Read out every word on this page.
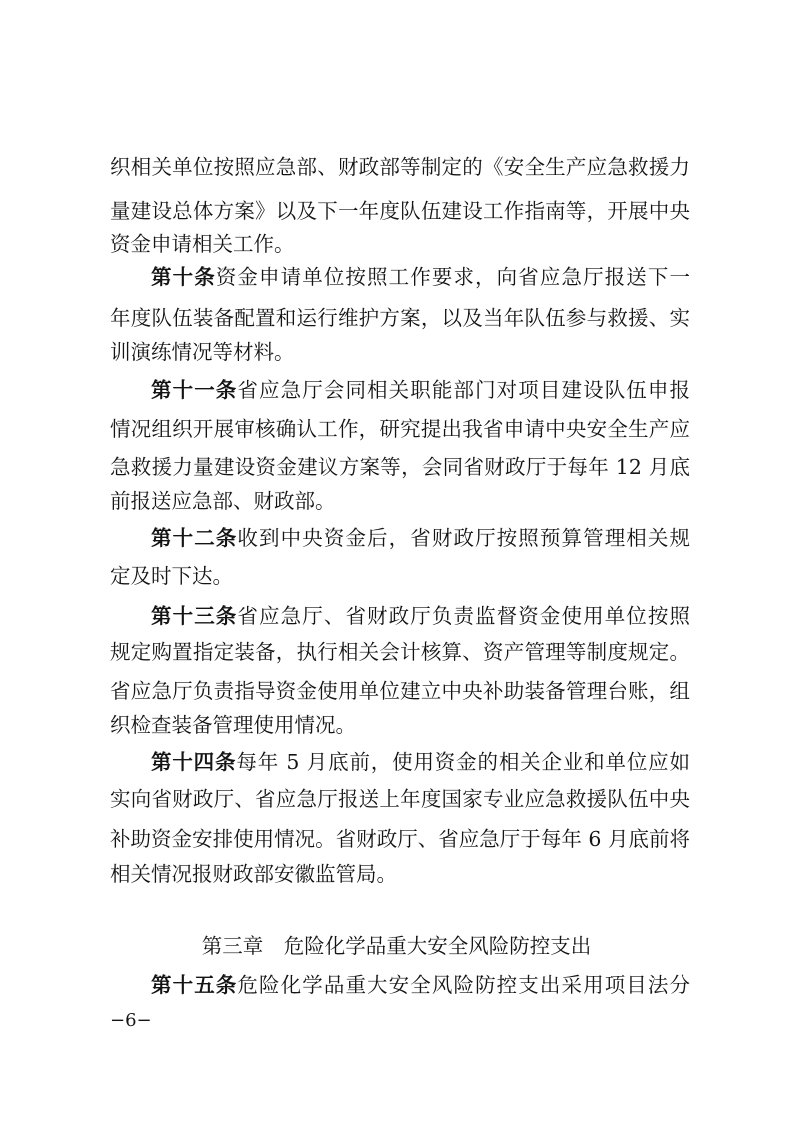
织相关单位按照应急部、财政部等制定的《安全生产应急救援力
量建设总体方案》以及下一年度队伍建设工作指南等，开展中央
资金申请相关工作。
第十条资金申请单位按照工作要求，向省应急厅报送下一
年度队伍装备配置和运行维护方案，以及当年队伍参与救援、实
训演练情况等材料。
第十一条省应急厅会同相关职能部门对项目建设队伍申报
情况组织开展审核确认工作，研究提出我省申请中央安全生产应
急救援力量建设资金建议方案等，会同省财政厅于每年 12 月底
前报送应急部、财政部。
第十二条收到中央资金后，省财政厅按照预算管理相关规
定及时下达。
第十三条省应急厅、省财政厅负责监督资金使用单位按照
规定购置指定装备，执行相关会计核算、资产管理等制度规定。
省应急厅负责指导资金使用单位建立中央补助装备管理台账，组
织检查装备管理使用情况。
第十四条每年 5 月底前，使用资金的相关企业和单位应如
实向省财政厅、省应急厅报送上年度国家专业应急救援队伍中央
补助资金安排使用情况。省财政厅、省应急厅于每年 6 月底前将
相关情况报财政部安徽监管局。
第三章　危险化学品重大安全风险防控支出
第十五条危险化学品重大安全风险防控支出采用项目法分
−6−
